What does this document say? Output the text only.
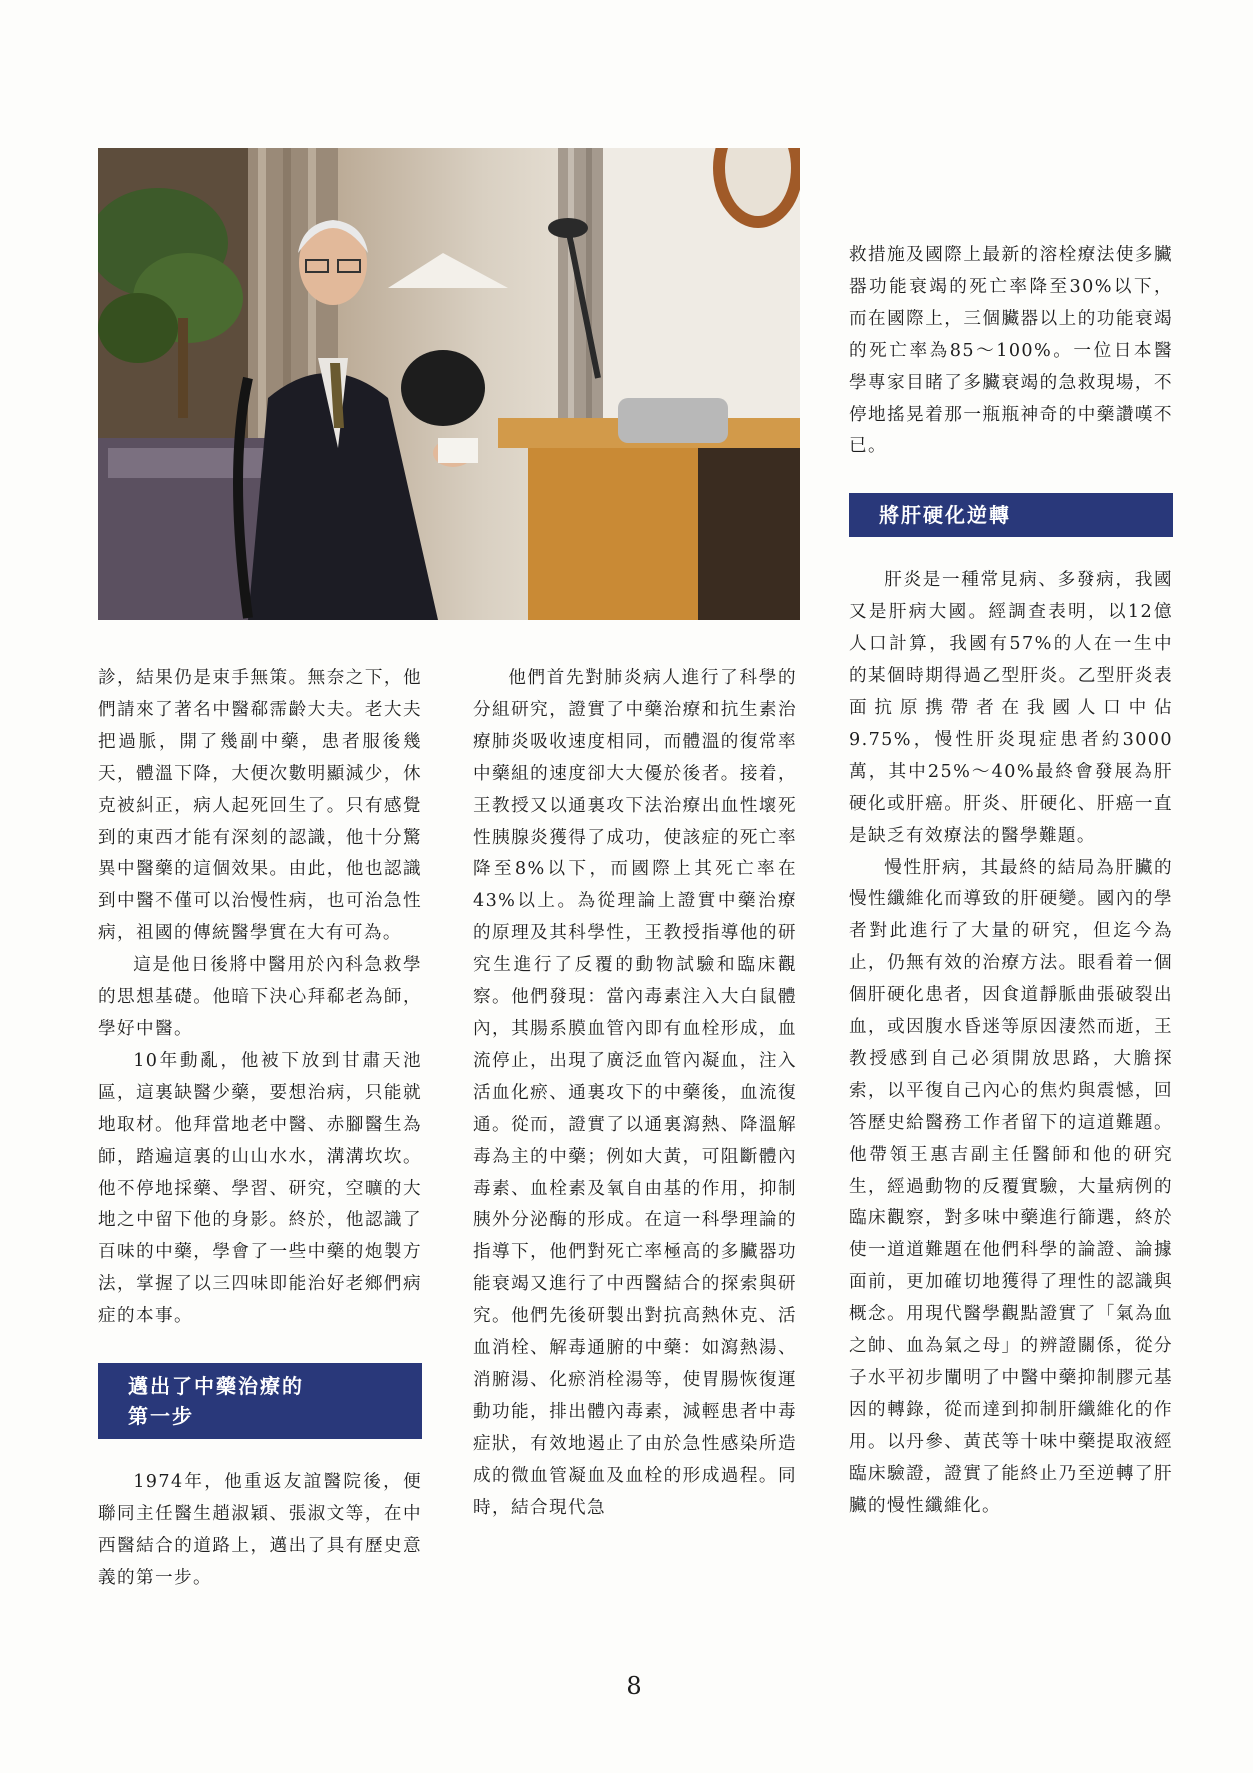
診，結果仍是束手無策。無奈之下，他們請來了著名中醫郗霈齡大夫。老大夫把過脈，開了幾副中藥，患者服後幾天，體溫下降，大便次數明顯減少，休克被糾正，病人起死回生了。只有感覺到的東西才能有深刻的認識，他十分驚異中醫藥的這個效果。由此，他也認識到中醫不僅可以治慢性病，也可治急性病，祖國的傳統醫學實在大有可為。

這是他日後將中醫用於內科急救學的思想基礎。他暗下決心拜郗老為師，學好中醫。

10年動亂，他被下放到甘肅天池區，這裏缺醫少藥，要想治病，只能就地取材。他拜當地老中醫、赤腳醫生為師，踏遍這裏的山山水水，溝溝坎坎。他不停地採藥、學習、研究，空曠的大地之中留下他的身影。終於，他認識了百味的中藥，學會了一些中藥的炮製方法，掌握了以三四味即能治好老鄉們病症的本事。

邁出了中藥治療的
第一步

1974年，他重返友誼醫院後，便聯同主任醫生趙淑穎、張淑文等，在中西醫結合的道路上，邁出了具有歷史意義的第一步。

他們首先對肺炎病人進行了科學的分組研究，證實了中藥治療和抗生素治療肺炎吸收速度相同，而體溫的復常率中藥組的速度卻大大優於後者。接着，王教授又以通裏攻下法治療出血性壞死性胰腺炎獲得了成功，使該症的死亡率降至8%以下，而國際上其死亡率在43%以上。為從理論上證實中藥治療的原理及其科學性，王教授指導他的研究生進行了反覆的動物試驗和臨床觀察。他們發現：當內毒素注入大白鼠體內，其腸系膜血管內即有血栓形成，血流停止，出現了廣泛血管內凝血，注入活血化瘀、通裏攻下的中藥後，血流復通。從而，證實了以通裏瀉熱、降溫解毒為主的中藥；例如大黃，可阻斷體內毒素、血栓素及氧自由基的作用，抑制胰外分泌酶的形成。在這一科學理論的指導下，他們對死亡率極高的多臟器功能衰竭又進行了中西醫結合的探索與研究。他們先後研製出對抗高熱休克、活血消栓、解毒通腑的中藥：如瀉熱湯、消腑湯、化瘀消栓湯等，使胃腸恢復運動功能，排出體內毒素，減輕患者中毒症狀，有效地遏止了由於急性感染所造成的微血管凝血及血栓的形成過程。同時，結合現代急

救措施及國際上最新的溶栓療法使多臟器功能衰竭的死亡率降至30%以下，而在國際上，三個臟器以上的功能衰竭的死亡率為85～100%。一位日本醫學專家目睹了多臟衰竭的急救現場，不停地搖晃着那一瓶瓶神奇的中藥讚嘆不已。

將肝硬化逆轉

肝炎是一種常見病、多發病，我國又是肝病大國。經調查表明，以12億人口計算，我國有57%的人在一生中的某個時期得過乙型肝炎。乙型肝炎表面抗原携帶者在我國人口中佔9.75%，慢性肝炎現症患者約3000萬，其中25%～40%最終會發展為肝硬化或肝癌。肝炎、肝硬化、肝癌一直是缺乏有效療法的醫學難題。

慢性肝病，其最終的結局為肝臟的慢性纖維化而導致的肝硬變。國內的學者對此進行了大量的研究，但迄今為止，仍無有效的治療方法。眼看着一個個肝硬化患者，因食道靜脈曲張破裂出血，或因腹水昏迷等原因淒然而逝，王教授感到自己必須開放思路，大膽探索，以平復自己內心的焦灼與震憾，回答歷史給醫務工作者留下的這道難題。他帶領王惠吉副主任醫師和他的研究生，經過動物的反覆實驗，大量病例的臨床觀察，對多味中藥進行篩選，終於使一道道難題在他們科學的論證、論據面前，更加確切地獲得了理性的認識與概念。用現代醫學觀點證實了「氣為血之帥、血為氣之母」的辨證關係，從分子水平初步闡明了中醫中藥抑制膠元基因的轉錄，從而達到抑制肝纖維化的作用。以丹參、黃芪等十味中藥提取液經臨床驗證，證實了能終止乃至逆轉了肝臟的慢性纖維化。

8
